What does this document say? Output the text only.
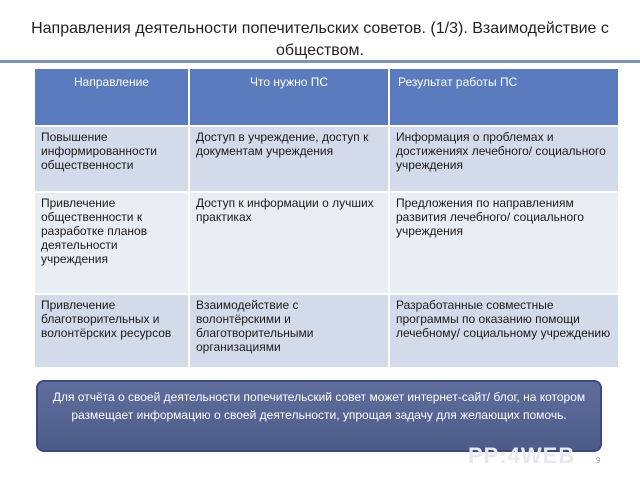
Направления деятельности попечительских советов. (1/3). Взаимодействие с обществом.
Направление	Что нужно ПС	Результат работы ПС
Повышение информированности общественности	Доступ в учреждение, доступ к документам учреждения	Информация о проблемах и достижениях лечебного/ социального учреждения
Привлечение общественности к разработке планов деятельности учреждения	Доступ к информации о лучших практиках	Предложения по направлениям развития лечебного/ социального учреждения
Привлечение благотворительных и волонтёрских ресурсов	Взаимодействие с волонтёрскими и благотворительными организациями	Разработанные совместные программы по оказанию помощи лечебному/ социальному учреждению
Для отчёта о своей деятельности попечительский совет может интернет-сайт/ блог, на котором размещает информацию о своей деятельности, упрощая задачу для желающих помочь.
PP:4WEB	9
